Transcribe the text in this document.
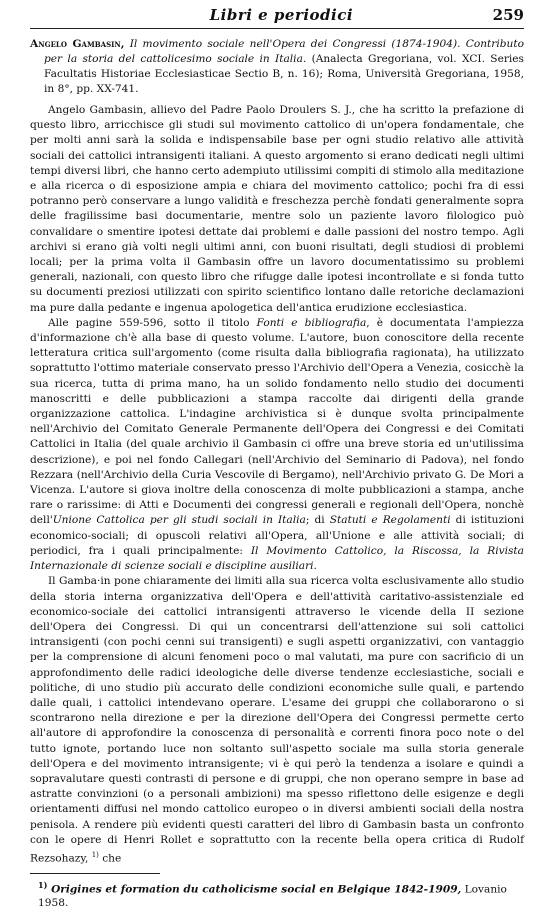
Libri e periodici	259

Angelo Gambasin, Il movimento sociale nell'Opera dei Congressi (1874-1904). Contributo per la storia del cattolicesimo sociale in Italia. (Analecta Gregoriana, vol. XCI. Series Facultatis Historiae Ecclesiasticae Sectio B, n. 16); Roma, Università Gregoriana, 1958, in 8°, pp. XX-741.

Angelo Gambasin, allievo del Padre Paolo Droulers S. J., che ha scritto la prefazione di questo libro, arricchisce gli studi sul movimento cattolico di un'opera fondamentale, che per molti anni sarà la solida e indispensabile base per ogni studio relativo alle attività sociali dei cattolici intransigenti italiani. A questo argomento si erano dedicati negli ultimi tempi diversi libri, che hanno certo adempiuto utilissimi compiti di stimolo alla meditazione e alla ricerca o di esposizione ampia e chiara del movimento cattolico; pochi fra di essi potranno però conservare a lungo validità e freschezza perchè fondati generalmente sopra delle fragilissime basi documentarie, mentre solo un paziente lavoro filologico può convalidare o smentire ipotesi dettate dai problemi e dalle passioni del nostro tempo. Agli archivi si erano già volti negli ultimi anni, con buoni risultati, degli studiosi di problemi locali; per la prima volta il Gambasin offre un lavoro documentatissimo su problemi generali, nazionali, con questo libro che rifugge dalle ipotesi incontrollate e si fonda tutto su documenti preziosi utilizzati con spirito scientifico lontano dalle retoriche declamazioni ma pure dalla pedante e ingenua apologetica dell'antica erudizione ecclesiastica.

Alle pagine 559-596, sotto il titolo Fonti e bibliografia, è documentata l'ampiezza d'informazione ch'è alla base di questo volume. L'autore, buon conoscitore della recente letteratura critica sull'argomento (come risulta dalla bibliografia ragionata), ha utilizzato soprattutto l'ottimo materiale conservato presso l'Archivio dell'Opera a Venezia, cosicchè la sua ricerca, tutta di prima mano, ha un solido fondamento nello studio dei documenti manoscritti e delle pubblicazioni a stampa raccolte dai dirigenti della grande organizzazione cattolica. L'indagine archivistica si è dunque svolta principalmente nell'Archivio del Comitato Generale Permanente dell'Opera dei Congressi e dei Comitati Cattolici in Italia (del quale archivio il Gambasin ci offre una breve storia ed un'utilissima descrizione), e poi nel fondo Callegari (nell'Archivio del Seminario di Padova), nel fondo Rezzara (nell'Archivio della Curia Vescovile di Bergamo), nell'Archivio privato G. De Mori a Vicenza. L'autore si giova inoltre della conoscenza di molte pubblicazioni a stampa, anche rare o rarissime: di Atti e Documenti dei congressi generali e regionali dell'Opera, nonchè dell'Unione Cattolica per gli studi sociali in Italia; di Statuti e Regolamenti di istituzioni economico-sociali; di opuscoli relativi all'Opera, all'Unione e alle attività sociali; di periodici, fra i quali principalmente: Il Movimento Cattolico, la Riscossa, la Rivista Internazionale di scienze sociali e discipline ausiliari.

Il Gamba·in pone chiaramente dei limiti alla sua ricerca volta esclusivamente allo studio della storia interna organizzativa dell'Opera e dell'attività caritativo-assistenziale ed economico-sociale dei cattolici intransigenti attraverso le vicende della II sezione dell'Opera dei Congressi. Di qui un concentrarsi dell'attenzione sui soli cattolici intransigenti (con pochi cenni sui transigenti) e sugli aspetti organizzativi, con vantaggio per la comprensione di alcuni fenomeni poco o mal valutati, ma pure con sacrificio di un approfondimento delle radici ideologiche delle diverse tendenze ecclesiastiche, sociali e politiche, di uno studio più accurato delle condizioni economiche sulle quali, e partendo dalle quali, i cattolici intendevano operare. L'esame dei gruppi che collaborarono o si scontrarono nella direzione e per la direzione dell'Opera dei Congressi permette certo all'autore di approfondire la conoscenza di personalità e correnti finora poco note o del tutto ignote, portando luce non soltanto sull'aspetto sociale ma sulla storia generale dell'Opera e del movimento intransigente; vi è qui però la tendenza a isolare e quindi a sopravalutare questi contrasti di persone e di gruppi, che non operano sempre in base ad astratte convinzioni (o a personali ambizioni) ma spesso riflettono delle esigenze e degli orientamenti diffusi nel mondo cattolico europeo o in diversi ambienti sociali della nostra penisola. A rendere più evidenti questi caratteri del libro di Gambasin basta un confronto con le opere di Henri Rollet e soprattutto con la recente bella opera critica di Rudolf Rezsohazy, $^{1)}$ che

$^{1)}$ Origines et formation du catholicisme social en Belgique 1842-1909, Lovanio 1958.
